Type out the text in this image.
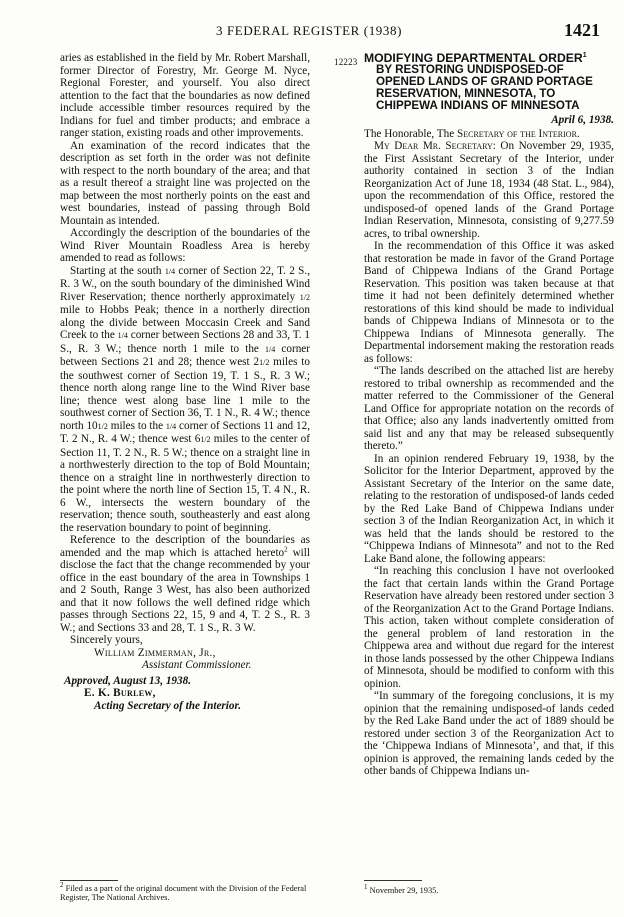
3 FEDERAL REGISTER (1938)	1421

aries as established in the field by Mr. Robert Marshall, former Director of Forestry, Mr. George M. Nyce, Regional Forester, and yourself. You also direct attention to the fact that the boundaries as now defined include accessible timber resources required by the Indians for fuel and timber products; and embrace a ranger station, existing roads and other improvements.

An examination of the record indicates that the description as set forth in the order was not definite with respect to the north boundary of the area; and that as a result thereof a straight line was projected on the map between the most northerly points on the east and west boundaries, instead of passing through Bold Mountain as intended.

Accordingly the description of the boundaries of the Wind River Mountain Roadless Area is hereby amended to read as follows:

Starting at the south 1/4 corner of Section 22, T. 2 S., R. 3 W., on the south boundary of the diminished Wind River Reservation; thence northerly approximately 1/2 mile to Hobbs Peak; thence in a northerly direction along the divide between Moccasin Creek and Sand Creek to the 1/4 corner between Sections 28 and 33, T. 1 S., R. 3 W.; thence north 1 mile to the 1/4 corner between Sections 21 and 28; thence west 21/2 miles to the southwest corner of Section 19, T. 1 S., R. 3 W.; thence north along range line to the Wind River base line; thence west along base line 1 mile to the southwest corner of Section 36, T. 1 N., R. 4 W.; thence north 101/2 miles to the 1/4 corner of Sections 11 and 12, T. 2 N., R. 4 W.; thence west 61/2 miles to the center of Section 11, T. 2 N., R. 5 W.; thence on a straight line in a northwesterly direction to the top of Bold Mountain; thence on a straight line in northwesterly direction to the point where the north line of Section 15, T. 4 N., R. 6 W., intersects the western boundary of the reservation; thence south, southeasterly and east along the reservation boundary to point of beginning.

Reference to the description of the boundaries as amended and the map which is attached hereto$^2$ will disclose the fact that the change recommended by your office in the east boundary of the area in Townships 1 and 2 South, Range 3 West, has also been authorized and that it now follows the well defined ridge which passes through Sections 22, 15, 9 and 4, T. 2 S., R. 3 W.; and Sections 33 and 28, T. 1 S., R. 3 W.

Sincerely yours,

William Zimmerman, Jr.,

Assistant Commissioner.

Approved, August 13, 1938.

E. K. Burlew,

Acting Secretary of the Interior.

12223 MODIFYING DEPARTMENTAL ORDER$^1$
BY RESTORING UNDISPOSED-OF OPENED LANDS OF GRAND PORTAGE RESERVATION, MINNESOTA, TO CHIPPEWA INDIANS OF MINNESOTA

April 6, 1938.

The Honorable, The Secretary of the Interior.

My Dear Mr. Secretary: On November 29, 1935, the First Assistant Secretary of the Interior, under authority contained in section 3 of the Indian Reorganization Act of June 18, 1934 (48 Stat. L., 984), upon the recommendation of this Office, restored the undisposed-of opened lands of the Grand Portage Indian Reservation, Minnesota, consisting of 9,277.59 acres, to tribal ownership.

In the recommendation of this Office it was asked that restoration be made in favor of the Grand Portage Band of Chippewa Indians of the Grand Portage Reservation. This position was taken because at that time it had not been definitely determined whether restorations of this kind should be made to individual bands of Chippewa Indians of Minnesota or to the Chippewa Indians of Minnesota generally. The Departmental indorsement making the restoration reads as follows:

“The lands described on the attached list are hereby restored to tribal ownership as recommended and the matter referred to the Commissioner of the General Land Office for appropriate notation on the records of that Office; also any lands inadvertently omitted from said list and any that may be released subsequently thereto.”

In an opinion rendered February 19, 1938, by the Solicitor for the Interior Department, approved by the Assistant Secretary of the Interior on the same date, relating to the restoration of undisposed-of lands ceded by the Red Lake Band of Chippewa Indians under section 3 of the Indian Reorganization Act, in which it was held that the lands should be restored to the “Chippewa Indians of Minnesota” and not to the Red Lake Band alone, the following appears:

“In reaching this conclusion I have not overlooked the fact that certain lands within the Grand Portage Reservation have already been restored under section 3 of the Reorganization Act to the Grand Portage Indians. This action, taken without complete consideration of the general problem of land restoration in the Chippewa area and without due regard for the interest in those lands possessed by the other Chippewa Indians of Minnesota, should be modified to conform with this opinion.

“In summary of the foregoing conclusions, it is my opinion that the remaining undisposed-of lands ceded by the Red Lake Band under the act of 1889 should be restored under section 3 of the Reorganization Act to the ‘Chippewa Indians of Minnesota’, and that, if this opinion is approved, the remaining lands ceded by the other bands of Chippewa Indians un-

$^2$ Filed as a part of the original document with the Division of the Federal Register, The National Archives.
$^1$ November 29, 1935.
